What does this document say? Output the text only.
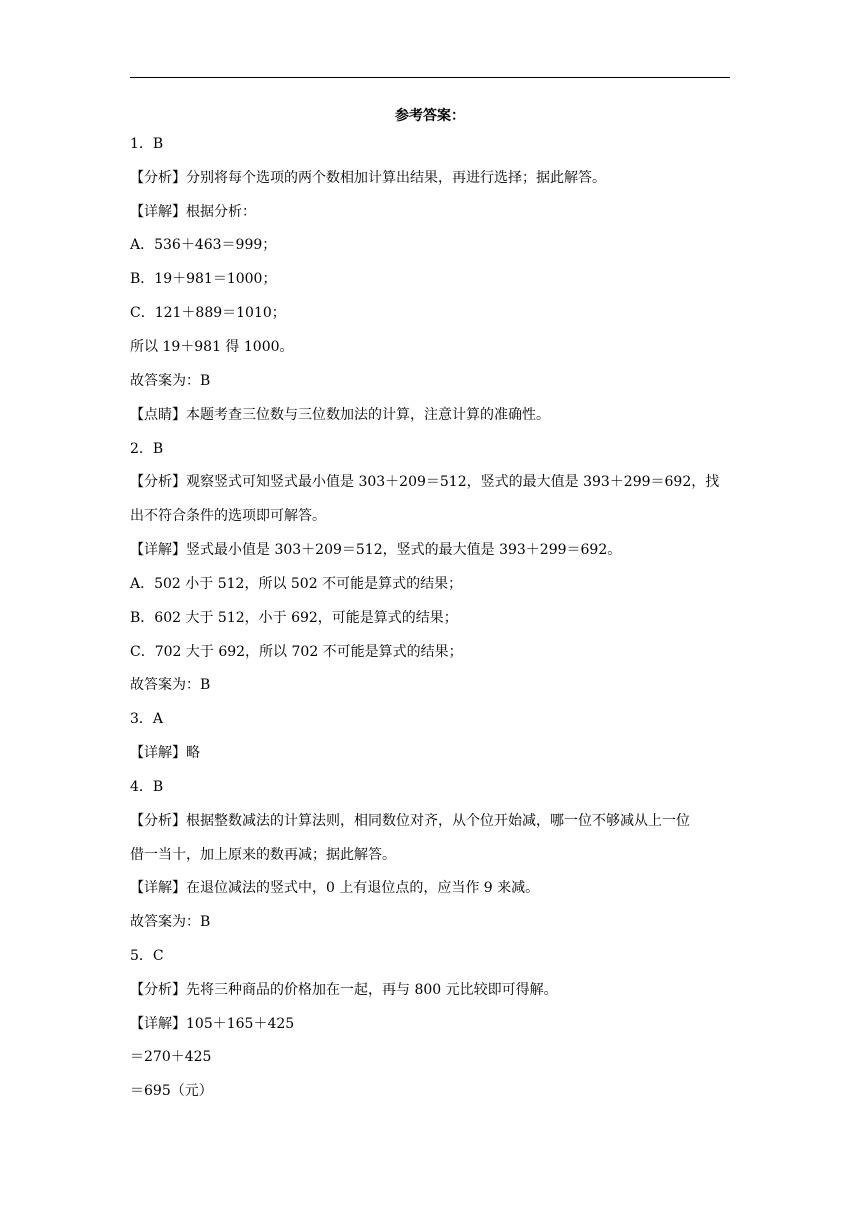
参考答案：
1．B
【分析】分别将每个选项的两个数相加计算出结果，再进行选择；据此解答。
【详解】根据分析：
A．536＋463＝999；
B．19＋981＝1000；
C．121＋889＝1010；
所以 19＋981 得 1000。
故答案为：B
【点睛】本题考查三位数与三位数加法的计算，注意计算的准确性。
2．B
【分析】观察竖式可知竖式最小值是 303＋209＝512，竖式的最大值是 393＋299＝692，找
出不符合条件的选项即可解答。
【详解】竖式最小值是 303＋209＝512，竖式的最大值是 393＋299＝692。
A．502 小于 512，所以 502 不可能是算式的结果；
B．602 大于 512，小于 692，可能是算式的结果；
C．702 大于 692，所以 702 不可能是算式的结果；
故答案为：B
3．A
【详解】略
4．B
【分析】根据整数减法的计算法则，相同数位对齐，从个位开始减，哪一位不够减从上一位
借一当十，加上原来的数再减；据此解答。
【详解】在退位减法的竖式中，0 上有退位点的，应当作 9 来减。
故答案为：B
5．C
【分析】先将三种商品的价格加在一起，再与 800 元比较即可得解。
【详解】105＋165＋425
＝270＋425
＝695（元）
